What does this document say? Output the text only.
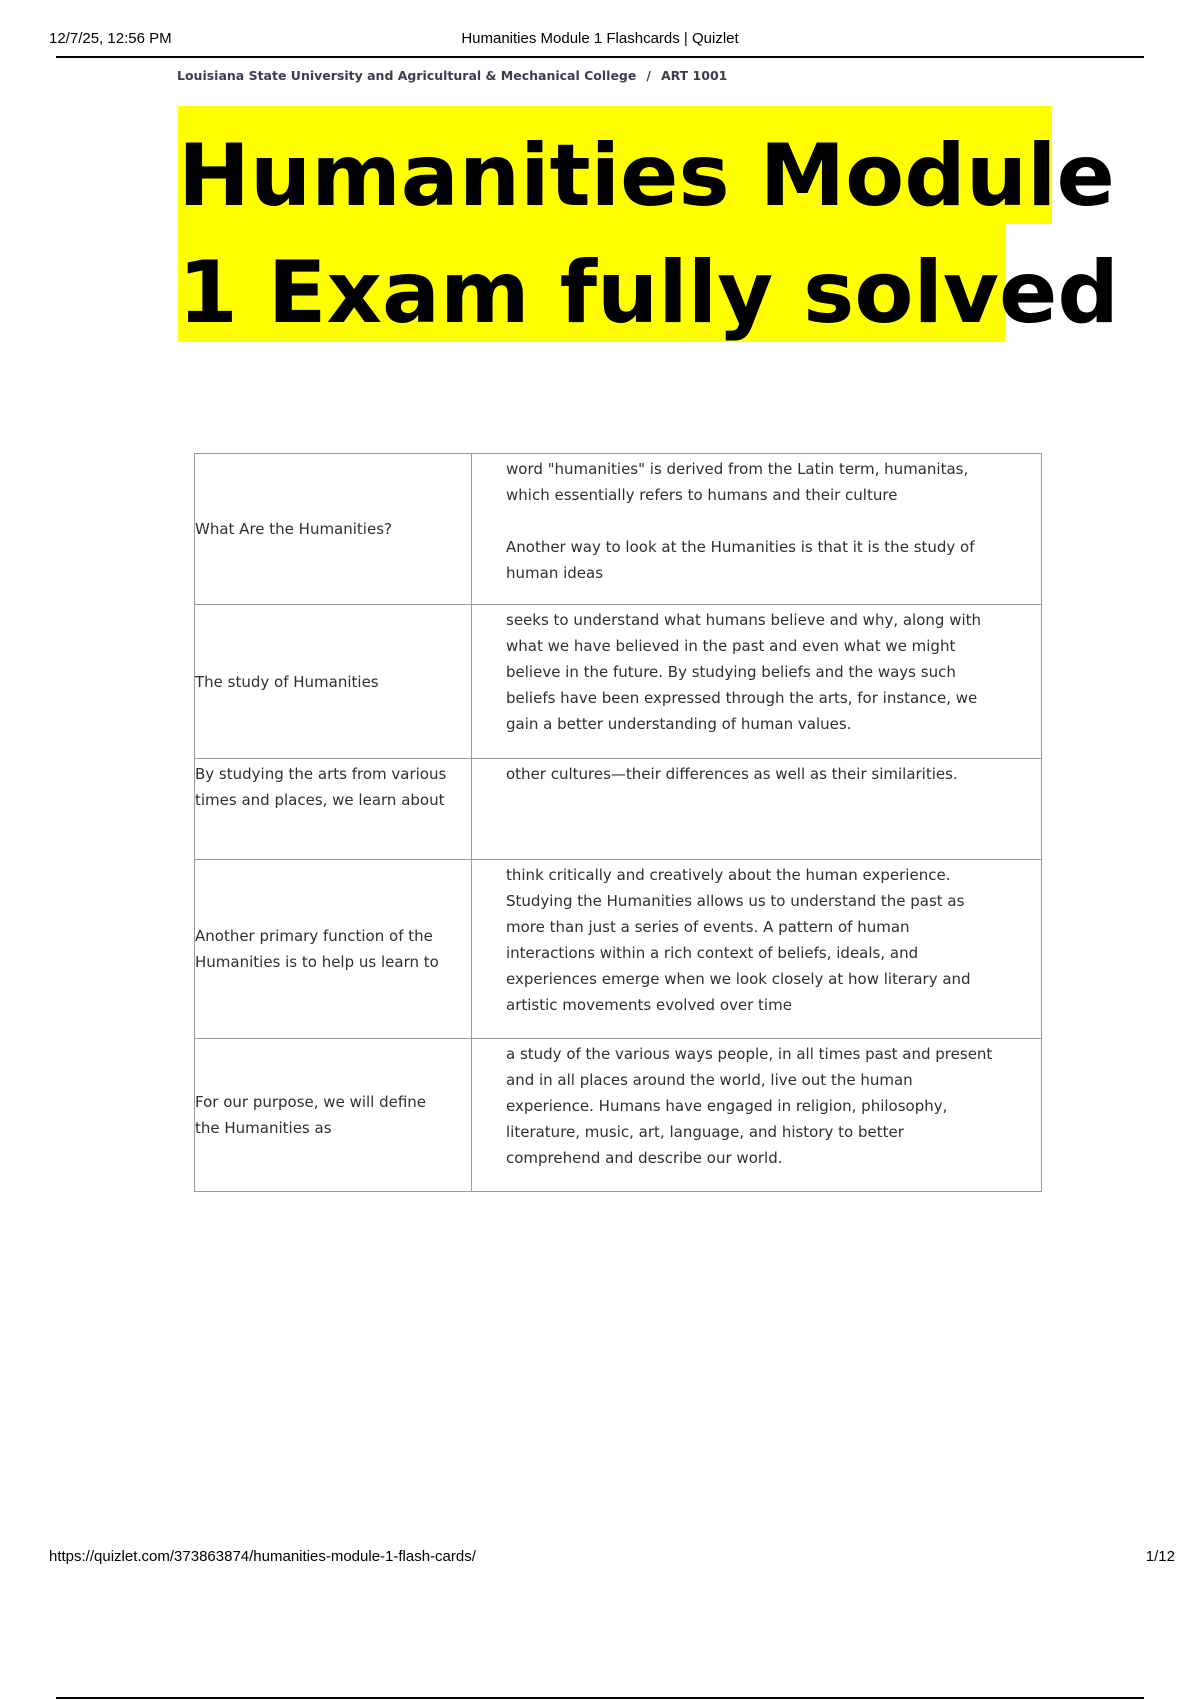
12/7/25, 12:56 PM	Humanities Module 1 Flashcards | Quizlet
Louisiana State University and Agricultural & Mechanical College / ART 1001
Humanities Module
1 Exam fully solved
What Are the Humanities?	word "humanities" is derived from the Latin term, humanitas, which essentially refers to humans and their culture
Another way to look at the Humanities is that it is the study of human ideas

The study of Humanities	seeks to understand what humans believe and why, along with what we have believed in the past and even what we might believe in the future. By studying beliefs and the ways such beliefs have been expressed through the arts, for instance, we gain a better understanding of human values.
By studying the arts from various times and places, we learn about	other cultures—their differences as well as their similarities.
Another primary function of the Humanities is to help us learn to	think critically and creatively about the human experience. Studying the Humanities allows us to understand the past as more than just a series of events. A pattern of human interactions within a rich context of beliefs, ideals, and experiences emerge when we look closely at how literary and artistic movements evolved over time
For our purpose, we will define the Humanities as	a study of the various ways people, in all times past and present and in all places around the world, live out the human experience. Humans have engaged in religion, philosophy, literature, music, art, language, and history to better comprehend and describe our world.
https://quizlet.com/373863874/humanities-module-1-flash-cards/	1/12
